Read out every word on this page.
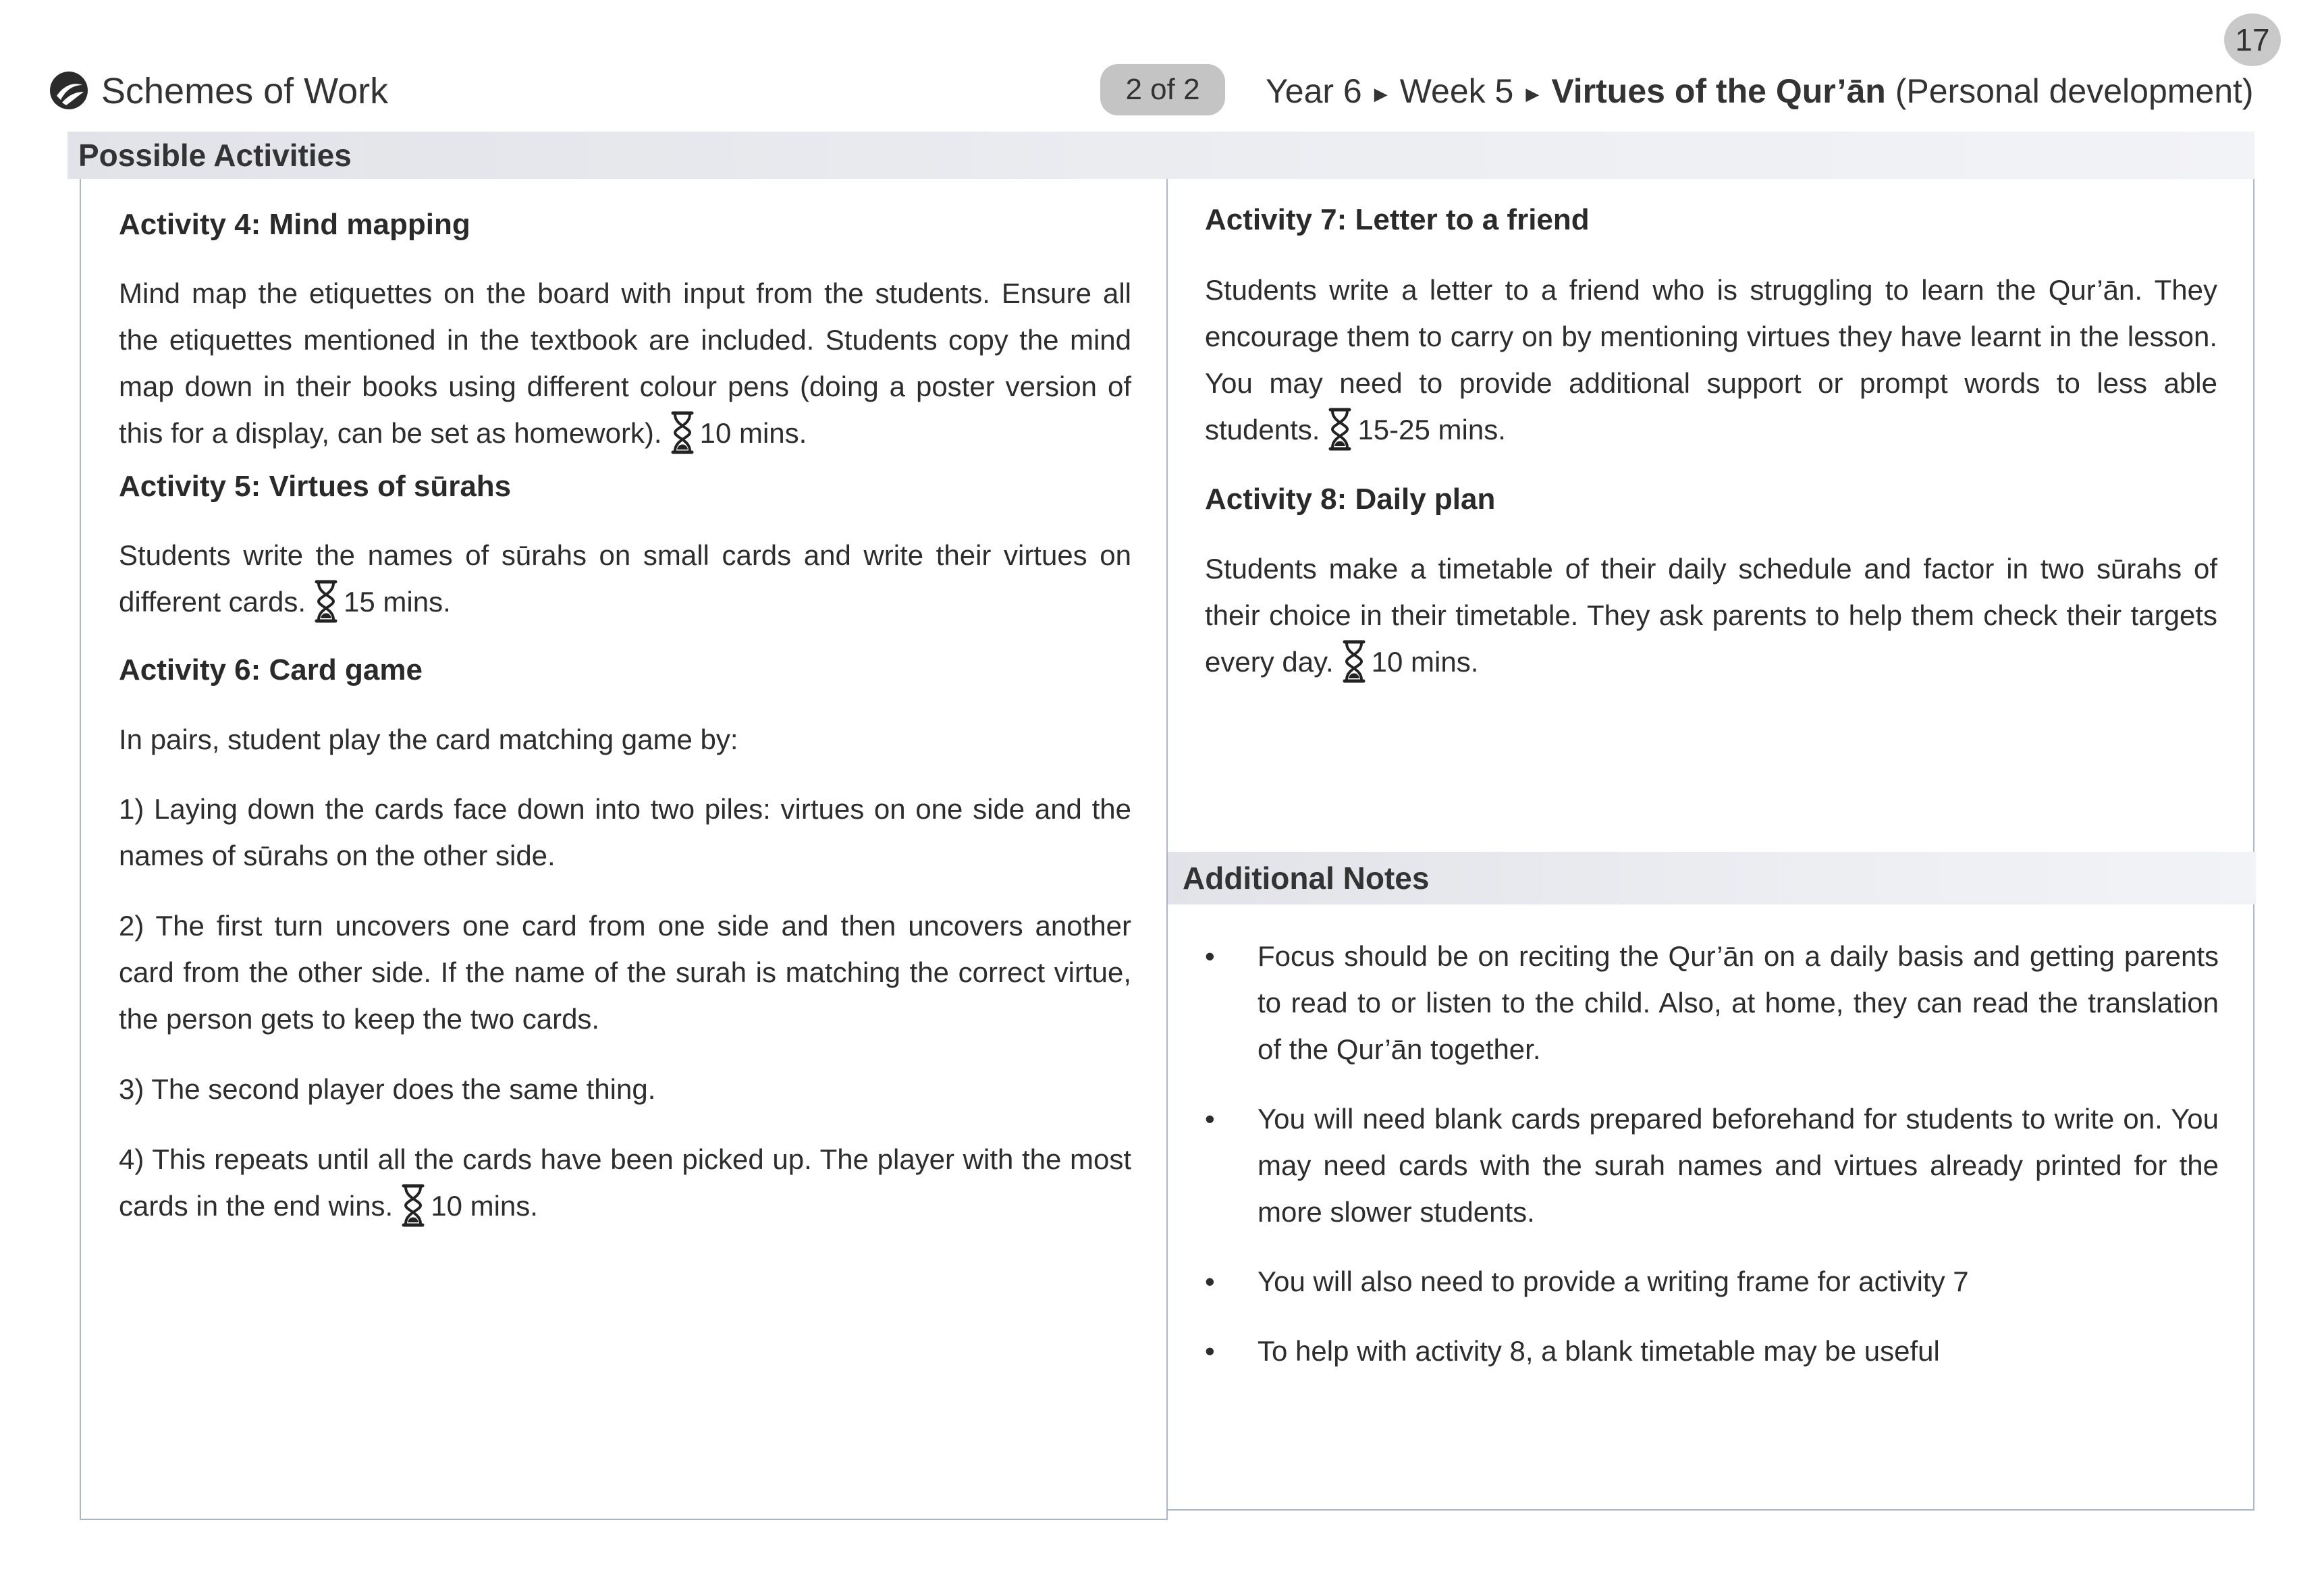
17
Schemes of Work	2 of 2	Year 6 ▶ Week 5 ▶ Virtues of the Qur’ān (Personal development)
Possible Activities
Additional Notes
Activity 4: Mind mapping

Mind map the etiquettes on the board with input from the students. Ensure all the etiquettes mentioned in the textbook are included. Students copy the mind map down in their books using different colour pens (doing a poster version of this for a display, can be set as homework). 10 mins.

Activity 5: Virtues of sūrahs

Students write the names of sūrahs on small cards and write their virtues on different cards. 15 mins.

Activity 6: Card game

In pairs, student play the card matching game by:

1) Laying down the cards face down into two piles: virtues on one side and the names of sūrahs on the other side.

2) The first turn uncovers one card from one side and then uncovers another card from the other side. If the name of the surah is matching the correct virtue, the person gets to keep the two cards.

3) The second player does the same thing.

4) This repeats until all the cards have been picked up. The player with the most cards in the end wins. 10 mins.

Activity 7: Letter to a friend

Students write a letter to a friend who is struggling to learn the Qur’ān. They encourage them to carry on by mentioning virtues they have learnt in the lesson. You may need to provide additional support or prompt words to less able students. 15-25 mins.

Activity 8: Daily plan

Students make a timetable of their daily schedule and factor in two sūrahs of their choice in their timetable. They ask parents to help them check their targets every day. 10 mins.

• Focus should be on reciting the Qur’ān on a daily basis and getting parents to read to or listen to the child. Also, at home, they can read the translation of the Qur’ān together.
• You will need blank cards prepared beforehand for students to write on. You may need cards with the surah names and virtues already printed for the more slower students.
• You will also need to provide a writing frame for activity 7
• To help with activity 8, a blank timetable may be useful
